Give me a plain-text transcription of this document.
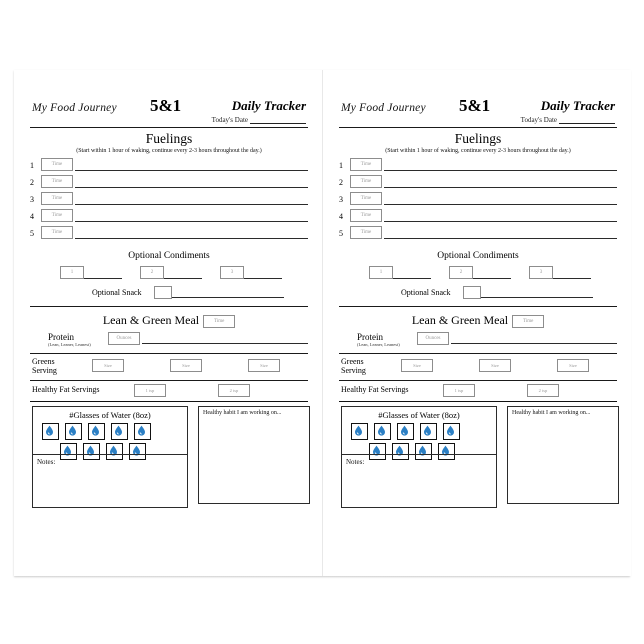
My Food Journey 5&1	Daily Tracker
Today's Date
Fuelings
(Start within 1 hour of waking, continue every 2-3 hours throughout the day.)
1	Time
2	Time
3	Time
4	Time
5	Time
Optional Condiments
1	2	3
Optional Snack
Lean & Green Meal	Time
Protein
(Lean, Leaner, Leanest)
Ounces
Greens
Serving
Size	Size	Size
Healthy Fat Servings	1 tsp	2 tsp
#Glasses of Water (8oz)
Notes:
Healthy habit I am working on...
My Food Journey 5&1	Daily Tracker
Today's Date
Fuelings
(Start within 1 hour of waking, continue every 2-3 hours throughout the day.)
1	Time
2	Time
3	Time
4	Time
5	Time
Optional Condiments
1	2	3
Optional Snack
Lean & Green Meal	Time
Protein
(Lean, Leaner, Leanest)
Ounces
Greens
Serving
Size	Size	Size
Healthy Fat Servings	1 tsp	2 tsp
#Glasses of Water (8oz)
Notes:
Healthy habit I am working on...
